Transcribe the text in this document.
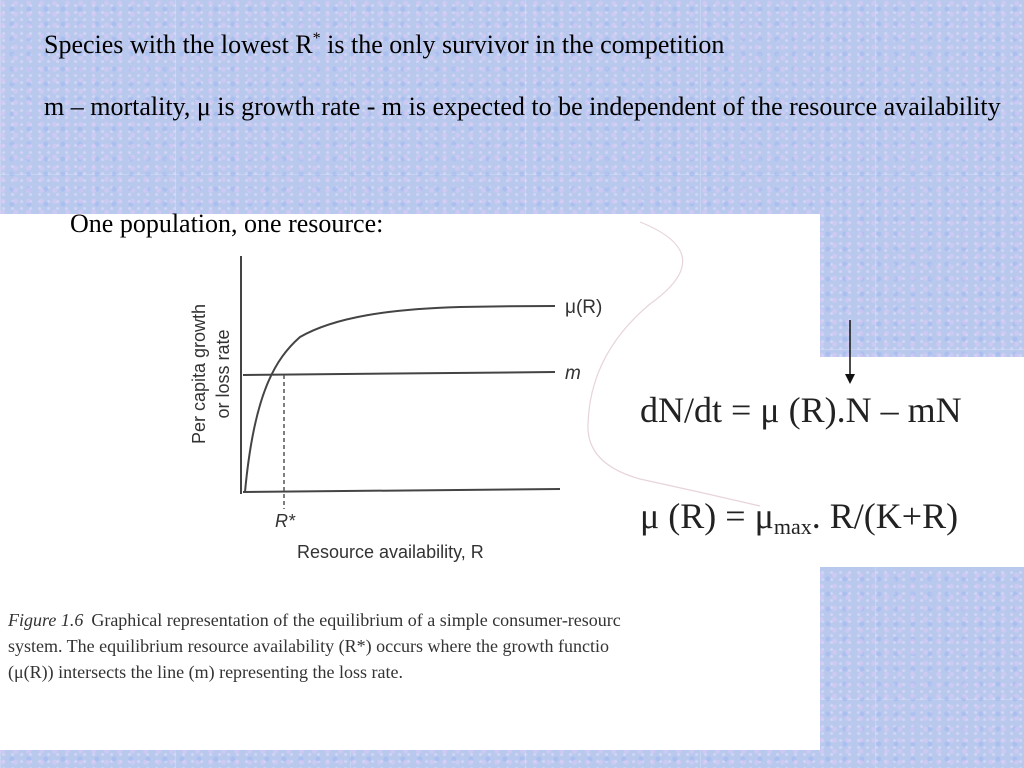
Species with the lowest R* is the only survivor in the competition
m – mortality, μ is growth rate - m is expected to be independent of the resource availability
One population, one resource:
μ(R)
m
R*
Resource availability, R
Per capita growth or loss rate
Figure 1.6 Graphical representation of the equilibrium of a simple consumer-resourc
system. The equilibrium resource availability (R*) occurs where the growth functio
(μ(R)) intersects the line (m) representing the loss rate.
dN/dt = μ (R).N – mN
μ (R) = μmax. R/(K+R)
